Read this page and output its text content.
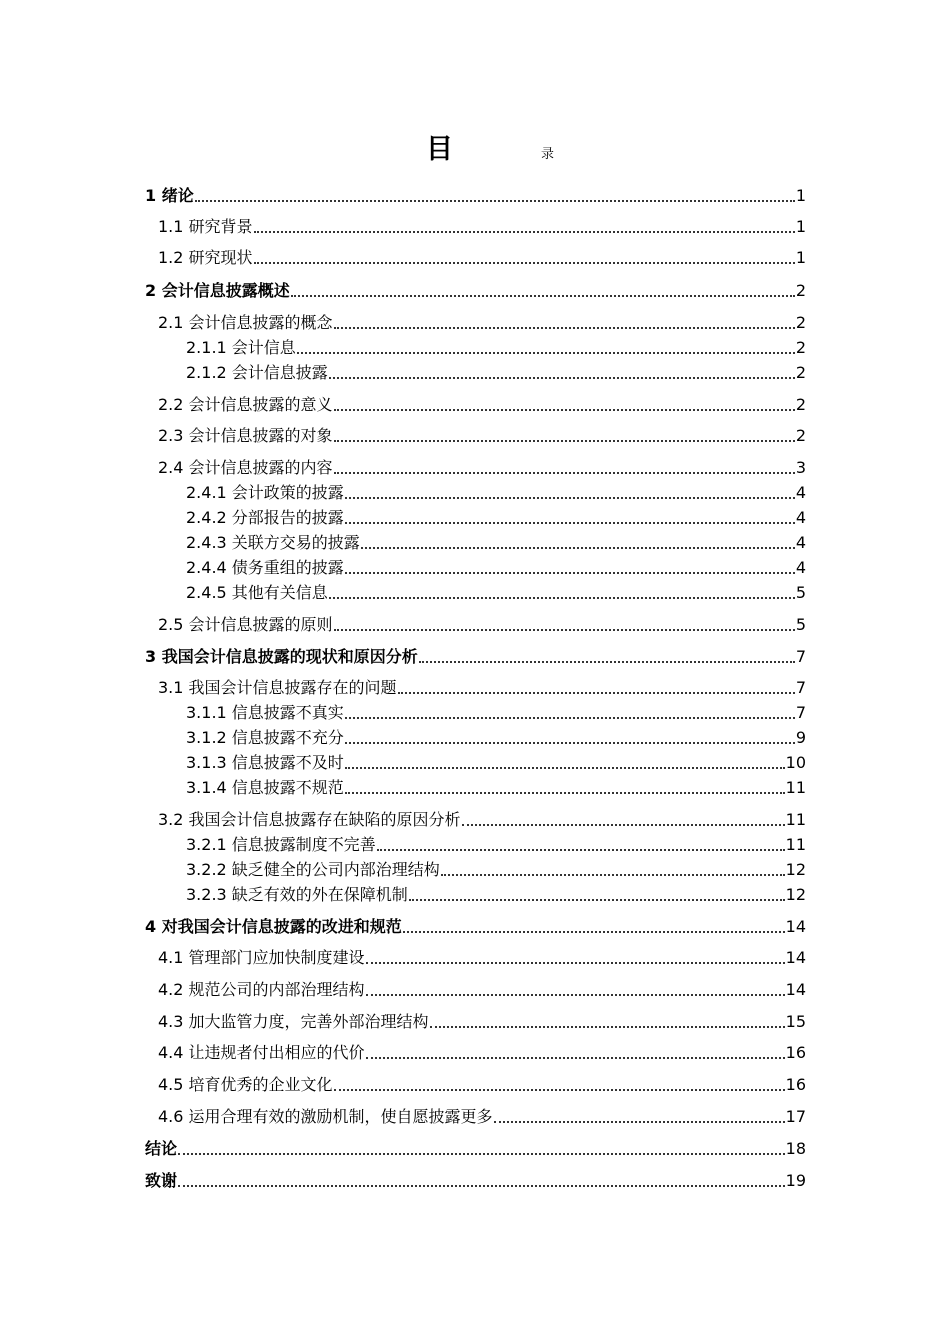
目	录
1 绪论	1
1.1 研究背景	1
1.2 研究现状	1
2 会计信息披露概述	2
2.1 会计信息披露的概念	2
2.1.1 会计信息	2
2.1.2 会计信息披露	2
2.2 会计信息披露的意义	2
2.3 会计信息披露的对象	2
2.4 会计信息披露的内容	3
2.4.1 会计政策的披露	4
2.4.2 分部报告的披露	4
2.4.3 关联方交易的披露	4
2.4.4 债务重组的披露	4
2.4.5 其他有关信息	5
2.5 会计信息披露的原则	5
3 我国会计信息披露的现状和原因分析	7
3.1 我国会计信息披露存在的问题	7
3.1.1 信息披露不真实	7
3.1.2 信息披露不充分	9
3.1.3 信息披露不及时	10
3.1.4 信息披露不规范	11
3.2 我国会计信息披露存在缺陷的原因分析	11
3.2.1 信息披露制度不完善	11
3.2.2 缺乏健全的公司内部治理结构	12
3.2.3 缺乏有效的外在保障机制	12
4 对我国会计信息披露的改进和规范	14
4.1 管理部门应加快制度建设	14
4.2 规范公司的内部治理结构	14
4.3 加大监管力度，完善外部治理结构	15
4.4 让违规者付出相应的代价	16
4.5 培育优秀的企业文化	16
4.6 运用合理有效的激励机制，使自愿披露更多	17
结论	18
致谢	19
